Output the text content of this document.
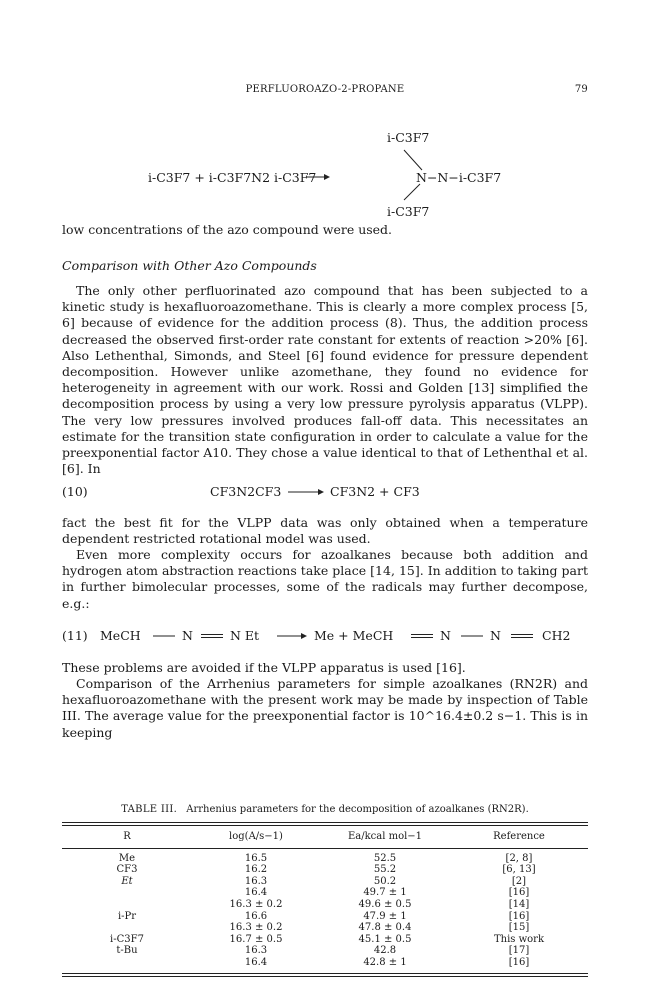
PERFLUOROAZO-2-PROPANE	79
i-C3F7
i-C3F7 + i-C3F7N2 i-C3F7	N−N−i-C3F7
i-C3F7

low concentrations of the azo compound were used.

Comparison with Other Azo Compounds

The only other perfluorinated azo compound that has been subjected to a kinetic study is hexafluoroazomethane. This is clearly a more complex process [5, 6] because of evidence for the addition process (8). Thus, the addition process decreased the observed first-order rate constant for extents of reaction >20% [6]. Also Lethenthal, Simonds, and Steel [6] found evidence for pressure dependent decomposition. However unlike azomethane, they found no evidence for heterogeneity in agreement with our work. Rossi and Golden [13] simplified the decomposition process by using a very low pressure pyrolysis apparatus (VLPP). The very low pressures involved produces fall-off data. This necessitates an estimate for the transition state configuration in order to calculate a value for the preexponential factor A10. They chose a value identical to that of Lethenthal et al. [6]. In

(10)	CF3N2CF3 → CF3N2 + CF3

fact the best fit for the VLPP data was only obtained when a temperature dependent restricted rotational model was used.

Even more complexity occurs for azoalkanes because both addition and hydrogen atom abstraction reactions take place [14, 15]. In addition to taking part in further bimolecular processes, some of the radicals may further decompose, e.g.:

(11) MeCH	N	N Et → Me + MeCH	N	N	CH2

These problems are avoided if the VLPP apparatus is used [16].

Comparison of the Arrhenius parameters for simple azoalkanes (RN2R) and hexafluoroazomethane with the present work may be made by inspection of Table III. The average value for the preexponential factor is 10^16.4±0.2 s−1. This is in keeping

TABLE III. Arrhenius parameters for the decomposition of azoalkanes (RN2R).
R	log(A/s−1)	Ea/kcal mol−1	Reference
Me	16.5	52.5	[2, 8]
CF3	16.2	55.2	[6, 13]
Et	16.3	50.2	[2]
	16.4	49.7 ± 1	[16]
	16.3 ± 0.2	49.6 ± 0.5	[14]
i-Pr	16.6	47.9 ± 1	[16]
	16.3 ± 0.2	47.8 ± 0.4	[15]
i-C3F7	16.7 ± 0.5	45.1 ± 0.5	This work
t-Bu	16.3	42.8	[17]
	16.4	42.8 ± 1	[16]
